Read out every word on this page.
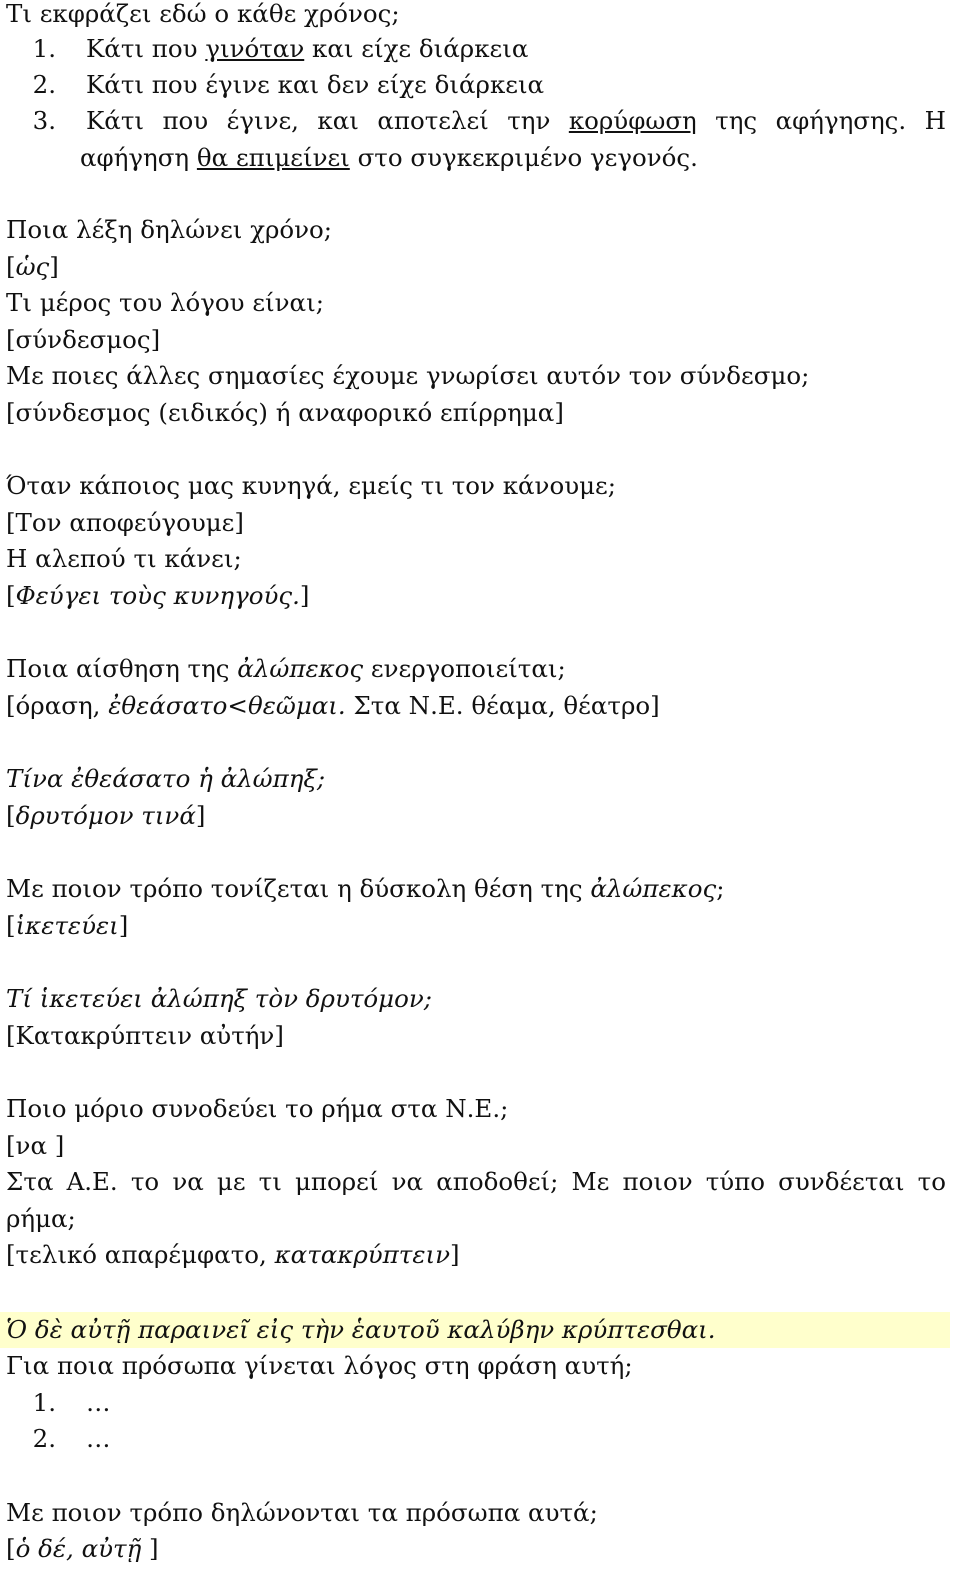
Τι εκφράζει εδώ ο κάθε χρόνος;
1.	Κάτι που γινόταν και είχε διάρκεια
2.	Κάτι που έγινε και δεν είχε διάρκεια
3.	Κάτι που έγινε, και αποτελεί την κορύφωση της αφήγησης. Η
αφήγηση θα επιμείνει στο συγκεκριμένο γεγονός.
Ποια λέξη δηλώνει χρόνο;
[ὡς]
Τι μέρος του λόγου είναι;
[σύνδεσμος]
Με ποιες άλλες σημασίες έχουμε γνωρίσει αυτόν τον σύνδεσμο;
[σύνδεσμος (ειδικός) ή αναφορικό επίρρημα]
Όταν κάποιος μας κυνηγά, εμείς τι τον κάνουμε;
[Τον αποφεύγουμε]
Η αλεπού τι κάνει;
[Φεύγει τοὺς κυνηγούς.]
Ποια αίσθηση της ἀλώπεκος ενεργοποιείται;
[όραση, ἐθεάσατο<θεῶμαι. Στα Ν.Ε. θέαμα, θέατρο]
Τίνα ἐθεάσατο ἡ ἀλώπηξ;
[δρυτόμον τινά]
Με ποιον τρόπο τονίζεται η δύσκολη θέση της ἀλώπεκος;
[ἱκετεύει]
Τί ἱκετεύει ἀλώπηξ τὸν δρυτόμον;
[Κατακρύπτειν αὐτήν]
Ποιο μόριο συνοδεύει το ρήμα στα Ν.Ε.;
[να ]
Στα Α.Ε. το να με τι μπορεί να αποδοθεί; Με ποιον τύπο συνδέεται το
ρήμα;
[τελικό απαρέμφατο, κατακρύπτειν]
Ὁ δὲ αὐτῇ παραινεῖ εἰς τὴν ἑαυτοῦ καλύβην κρύπτεσθαι.
Για ποια πρόσωπα γίνεται λόγος στη φράση αυτή;
1.	…
2.	…
Με ποιον τρόπο δηλώνονται τα πρόσωπα αυτά;
[ὁ δέ, αὐτῇ ]
